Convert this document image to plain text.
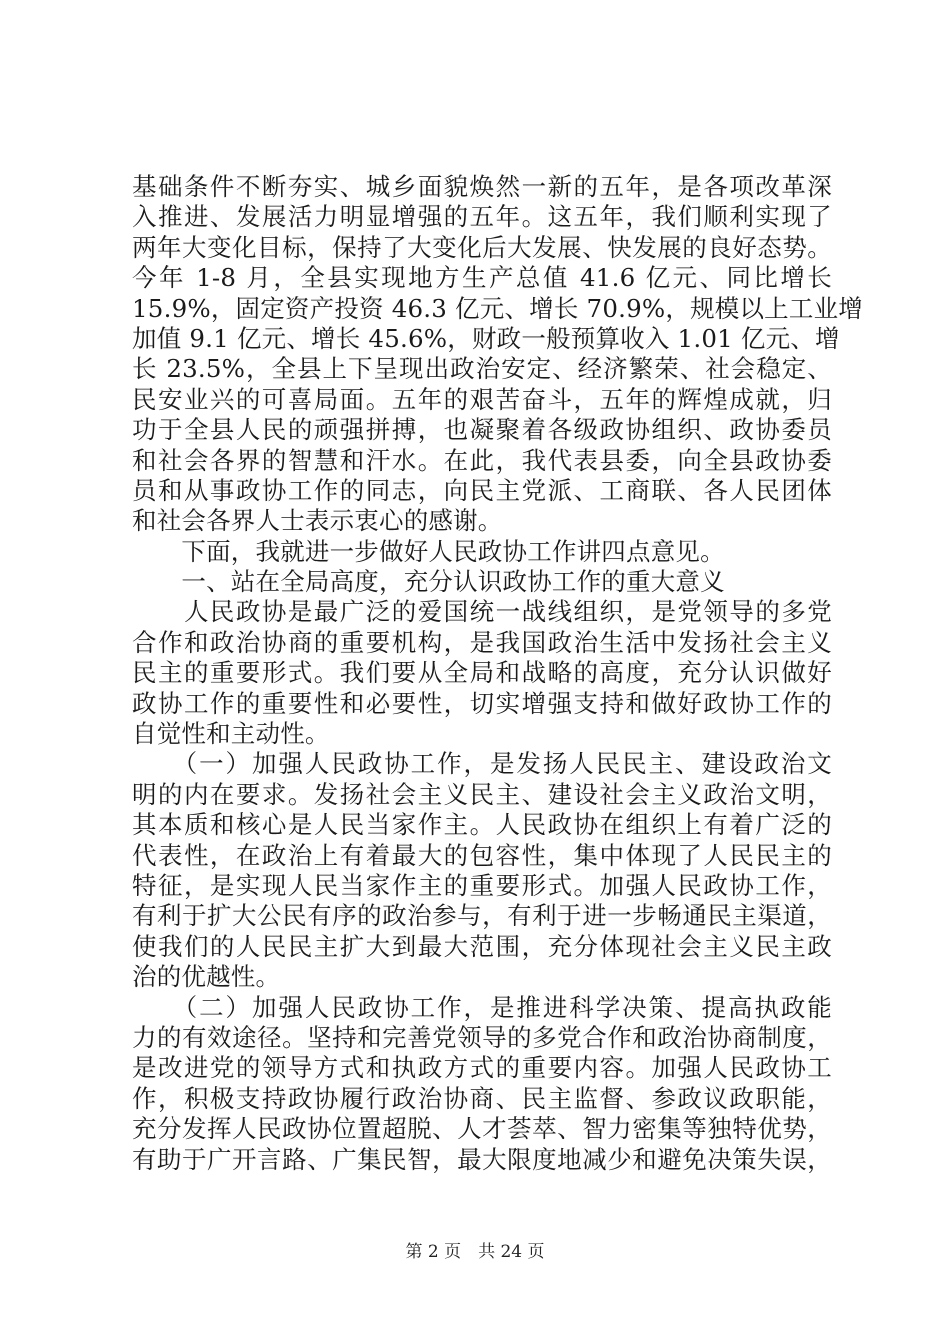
基础条件不断夯实、城乡面貌焕然一新的五年，是各项改革深
入推进、发展活力明显增强的五年。这五年，我们顺利实现了
两年大变化目标，保持了大变化后大发展、快发展的良好态势。
今年 1-8 月，全县实现地方生产总值 41.6 亿元、同比增长
15.9%，固定资产投资 46.3 亿元、增长 70.9%，规模以上工业增
加值 9.1 亿元、增长 45.6%，财政一般预算收入 1.01 亿元、增
长 23.5%，全县上下呈现出政治安定、经济繁荣、社会稳定、
民安业兴的可喜局面。五年的艰苦奋斗，五年的辉煌成就，归
功于全县人民的顽强拼搏，也凝聚着各级政协组织、政协委员
和社会各界的智慧和汗水。在此，我代表县委，向全县政协委
员和从事政协工作的同志，向民主党派、工商联、各人民团体
和社会各界人士表示衷心的感谢。
　　下面，我就进一步做好人民政协工作讲四点意见。
　　一、站在全局高度，充分认识政协工作的重大意义
　　人民政协是最广泛的爱国统一战线组织，是党领导的多党
合作和政治协商的重要机构，是我国政治生活中发扬社会主义
民主的重要形式。我们要从全局和战略的高度，充分认识做好
政协工作的重要性和必要性，切实增强支持和做好政协工作的
自觉性和主动性。
　　（一）加强人民政协工作，是发扬人民民主、建设政治文
明的内在要求。发扬社会主义民主、建设社会主义政治文明，
其本质和核心是人民当家作主。人民政协在组织上有着广泛的
代表性，在政治上有着最大的包容性，集中体现了人民民主的
特征，是实现人民当家作主的重要形式。加强人民政协工作，
有利于扩大公民有序的政治参与，有利于进一步畅通民主渠道，
使我们的人民民主扩大到最大范围，充分体现社会主义民主政
治的优越性。
　　（二）加强人民政协工作，是推进科学决策、提高执政能
力的有效途径。坚持和完善党领导的多党合作和政治协商制度，
是改进党的领导方式和执政方式的重要内容。加强人民政协工
作，积极支持政协履行政治协商、民主监督、参政议政职能，
充分发挥人民政协位置超脱、人才荟萃、智力密集等独特优势，
有助于广开言路、广集民智，最大限度地减少和避免决策失误，
第 2 页　共 24 页
